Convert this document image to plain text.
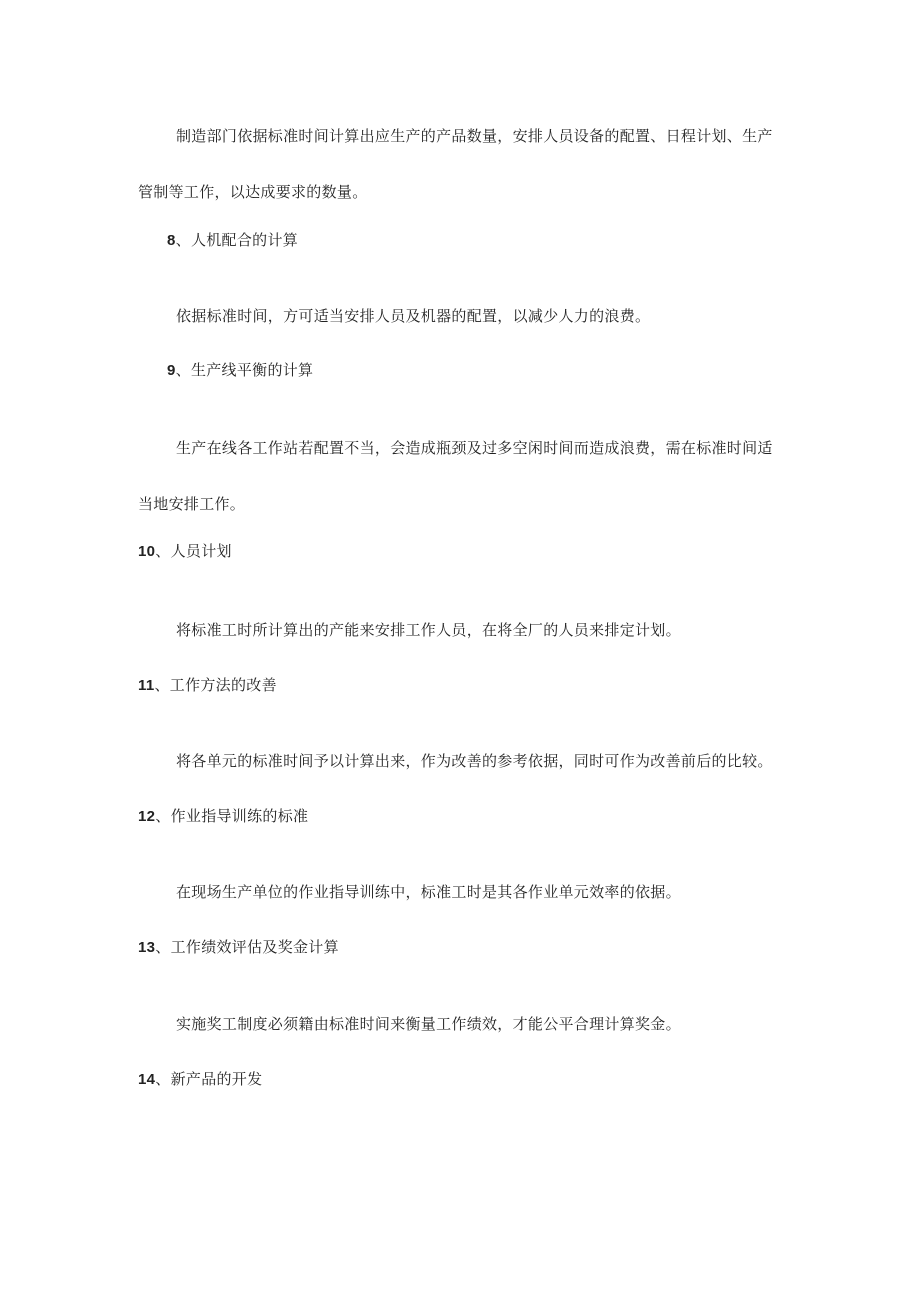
制造部门依据标准时间计算出应生产的产品数量，安排人员设备的配置、日程计划、生产管制等工作，以达成要求的数量。

8、人机配合的计算

依据标准时间，方可适当安排人员及机器的配置，以减少人力的浪费。

9、生产线平衡的计算

生产在线各工作站若配置不当，会造成瓶颈及过多空闲时间而造成浪费，需在标准时间适当地安排工作。

10、人员计划

将标准工时所计算出的产能来安排工作人员，在将全厂的人员来排定计划。

11、工作方法的改善

将各单元的标准时间予以计算出来，作为改善的参考依据，同时可作为改善前后的比较。

12、作业指导训练的标准

在现场生产单位的作业指导训练中，标准工时是其各作业单元效率的依据。

13、工作绩效评估及奖金计算

实施奖工制度必须籍由标准时间来衡量工作绩效，才能公平合理计算奖金。

14、新产品的开发
